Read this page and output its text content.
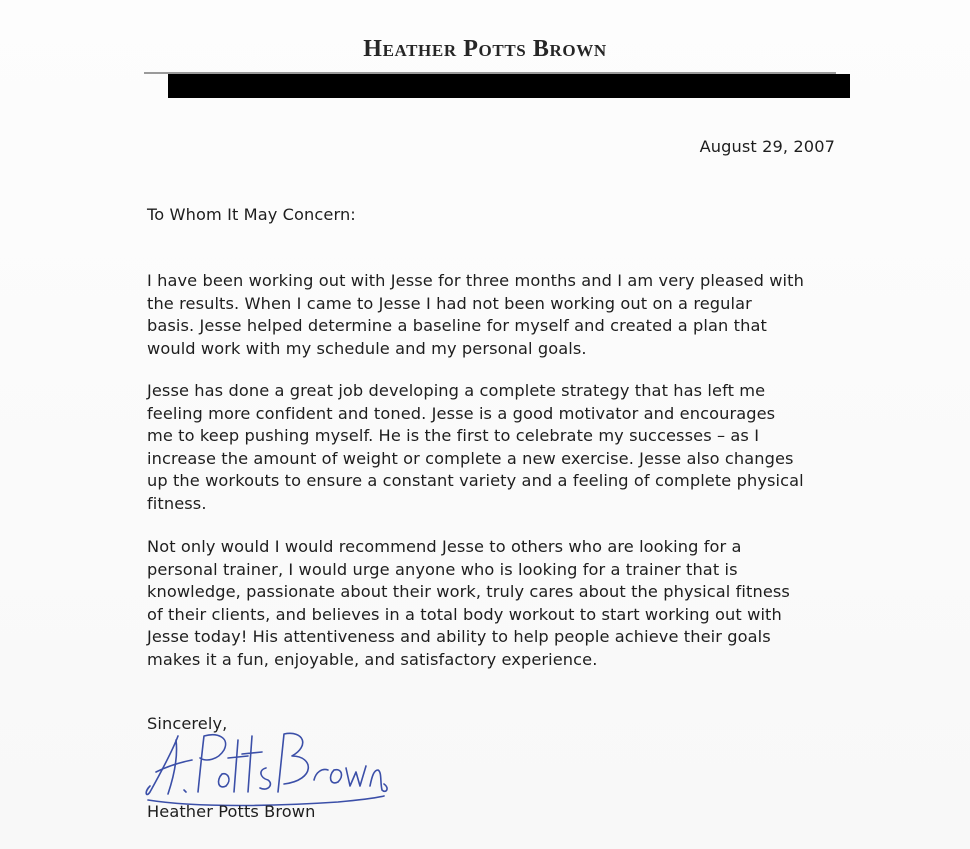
Heather Potts Brown
August 29, 2007
To Whom It May Concern:

I have been working out with Jesse for three months and I am very pleased with
the results. When I came to Jesse I had not been working out on a regular
basis. Jesse helped determine a baseline for myself and created a plan that
would work with my schedule and my personal goals.

Jesse has done a great job developing a complete strategy that has left me
feeling more confident and toned. Jesse is a good motivator and encourages
me to keep pushing myself. He is the first to celebrate my successes – as I
increase the amount of weight or complete a new exercise. Jesse also changes
up the workouts to ensure a constant variety and a feeling of complete physical
fitness.

Not only would I would recommend Jesse to others who are looking for a
personal trainer, I would urge anyone who is looking for a trainer that is
knowledge, passionate about their work, truly cares about the physical fitness
of their clients, and believes in a total body workout to start working out with
Jesse today! His attentiveness and ability to help people achieve their goals
makes it a fun, enjoyable, and satisfactory experience.

Sincerely,
Heather Potts Brown
